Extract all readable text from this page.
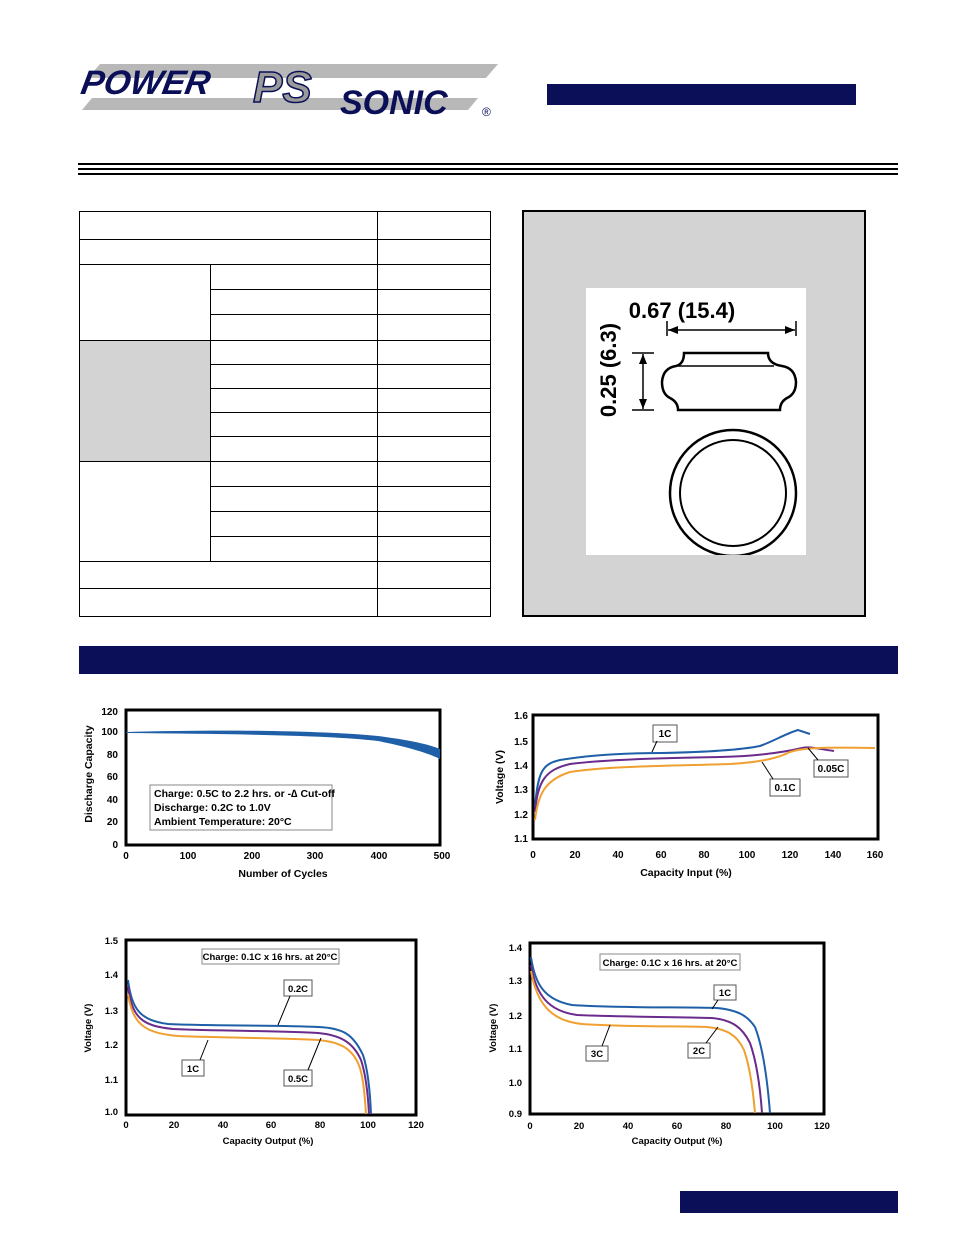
POWER PS SONIC	®
0.67 (15.4)
0.25 (6.3)
Charge: 0.5C to 2.2 hrs. or -∆ Cut-off
Discharge: 0.2C to 1.0V
Ambient Temperature: 20°C
120
100
80
60
40
20
0
0	100	200	300	400	500
Number of Cycles
Discharge Capacity	1C
0.05C
0.1C
1.6
1.5
1.4
1.3
1.2
1.1
0	20	40	60	80	100	120	140	160
Capacity Input (%)
Voltage (V)
Charge: 0.1C x 16 hrs. at 20°C
0.2C
1C
0.5C
1.5
1.4
1.3
1.2
1.1
1.0
0	20	40	60	80	100	120
Capacity Output (%)
Voltage (V)
Charge: 0.1C x 16 hrs. at 20°C
1C
3C	2C
1.4
1.3
1.2
1.1
1.0
0.9
0	20	40	60	80	100	120
Capacity Output (%)
Voltage (V)
